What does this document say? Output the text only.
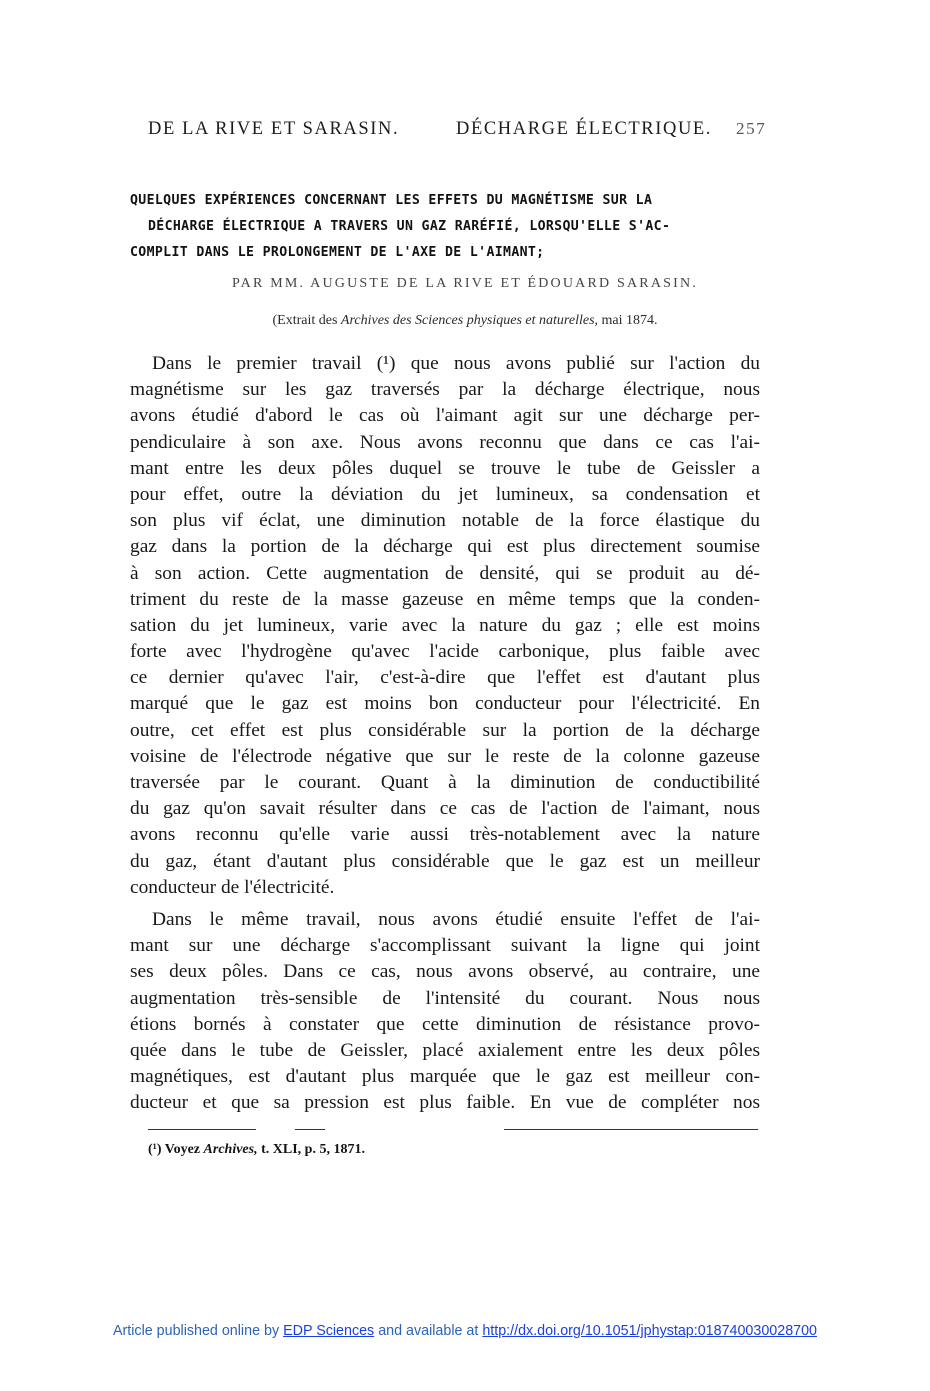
DE LA RIVE ET SARASIN.	DÉCHARGE ÉLECTRIQUE. 257
QUELQUES EXPÉRIENCES CONCERNANT LES EFFETS DU MAGNÉTISME SUR LA
DÉCHARGE ÉLECTRIQUE A TRAVERS UN GAZ RARÉFIÉ, LORSQU'ELLE S'AC-
COMPLIT DANS LE PROLONGEMENT DE L'AXE DE L'AIMANT;
PAR MM. AUGUSTE DE LA RIVE ET ÉDOUARD SARASIN.
(Extrait des Archives des Sciences physiques et naturelles, mai 1874.
Dans le premier travail (¹) que nous avons publié sur l'action du
magnétisme sur les gaz traversés par la décharge électrique, nous
avons étudié d'abord le cas où l'aimant agit sur une décharge per-
pendiculaire à son axe. Nous avons reconnu que dans ce cas l'ai-
mant entre les deux pôles duquel se trouve le tube de Geissler a
pour effet, outre la déviation du jet lumineux, sa condensation et
son plus vif éclat, une diminution notable de la force élastique du
gaz dans la portion de la décharge qui est plus directement soumise
à son action. Cette augmentation de densité, qui se produit au dé-
triment du reste de la masse gazeuse en même temps que la conden-
sation du jet lumineux, varie avec la nature du gaz ; elle est moins
forte avec l'hydrogène qu'avec l'acide carbonique, plus faible avec
ce dernier qu'avec l'air, c'est-à-dire que l'effet est d'autant plus
marqué que le gaz est moins bon conducteur pour l'électricité. En
outre, cet effet est plus considérable sur la portion de la décharge
voisine de l'électrode négative que sur le reste de la colonne gazeuse
traversée par le courant. Quant à la diminution de conductibilité
du gaz qu'on savait résulter dans ce cas de l'action de l'aimant, nous
avons reconnu qu'elle varie aussi très-notablement avec la nature
du gaz, étant d'autant plus considérable que le gaz est un meilleur
conducteur de l'électricité.
Dans le même travail, nous avons étudié ensuite l'effet de l'ai-
mant sur une décharge s'accomplissant suivant la ligne qui joint
ses deux pôles. Dans ce cas, nous avons observé, au contraire, une
augmentation très-sensible de l'intensité du courant. Nous nous
étions bornés à constater que cette diminution de résistance provo-
quée dans le tube de Geissler, placé axialement entre les deux pôles
magnétiques, est d'autant plus marquée que le gaz est meilleur con-
ducteur et que sa pression est plus faible. En vue de compléter nos
(¹) Voyez Archives, t. XLI, p. 5, 1871.
Article published online by EDP Sciences and available at http://dx.doi.org/10.1051/jphystap:018740030028700
